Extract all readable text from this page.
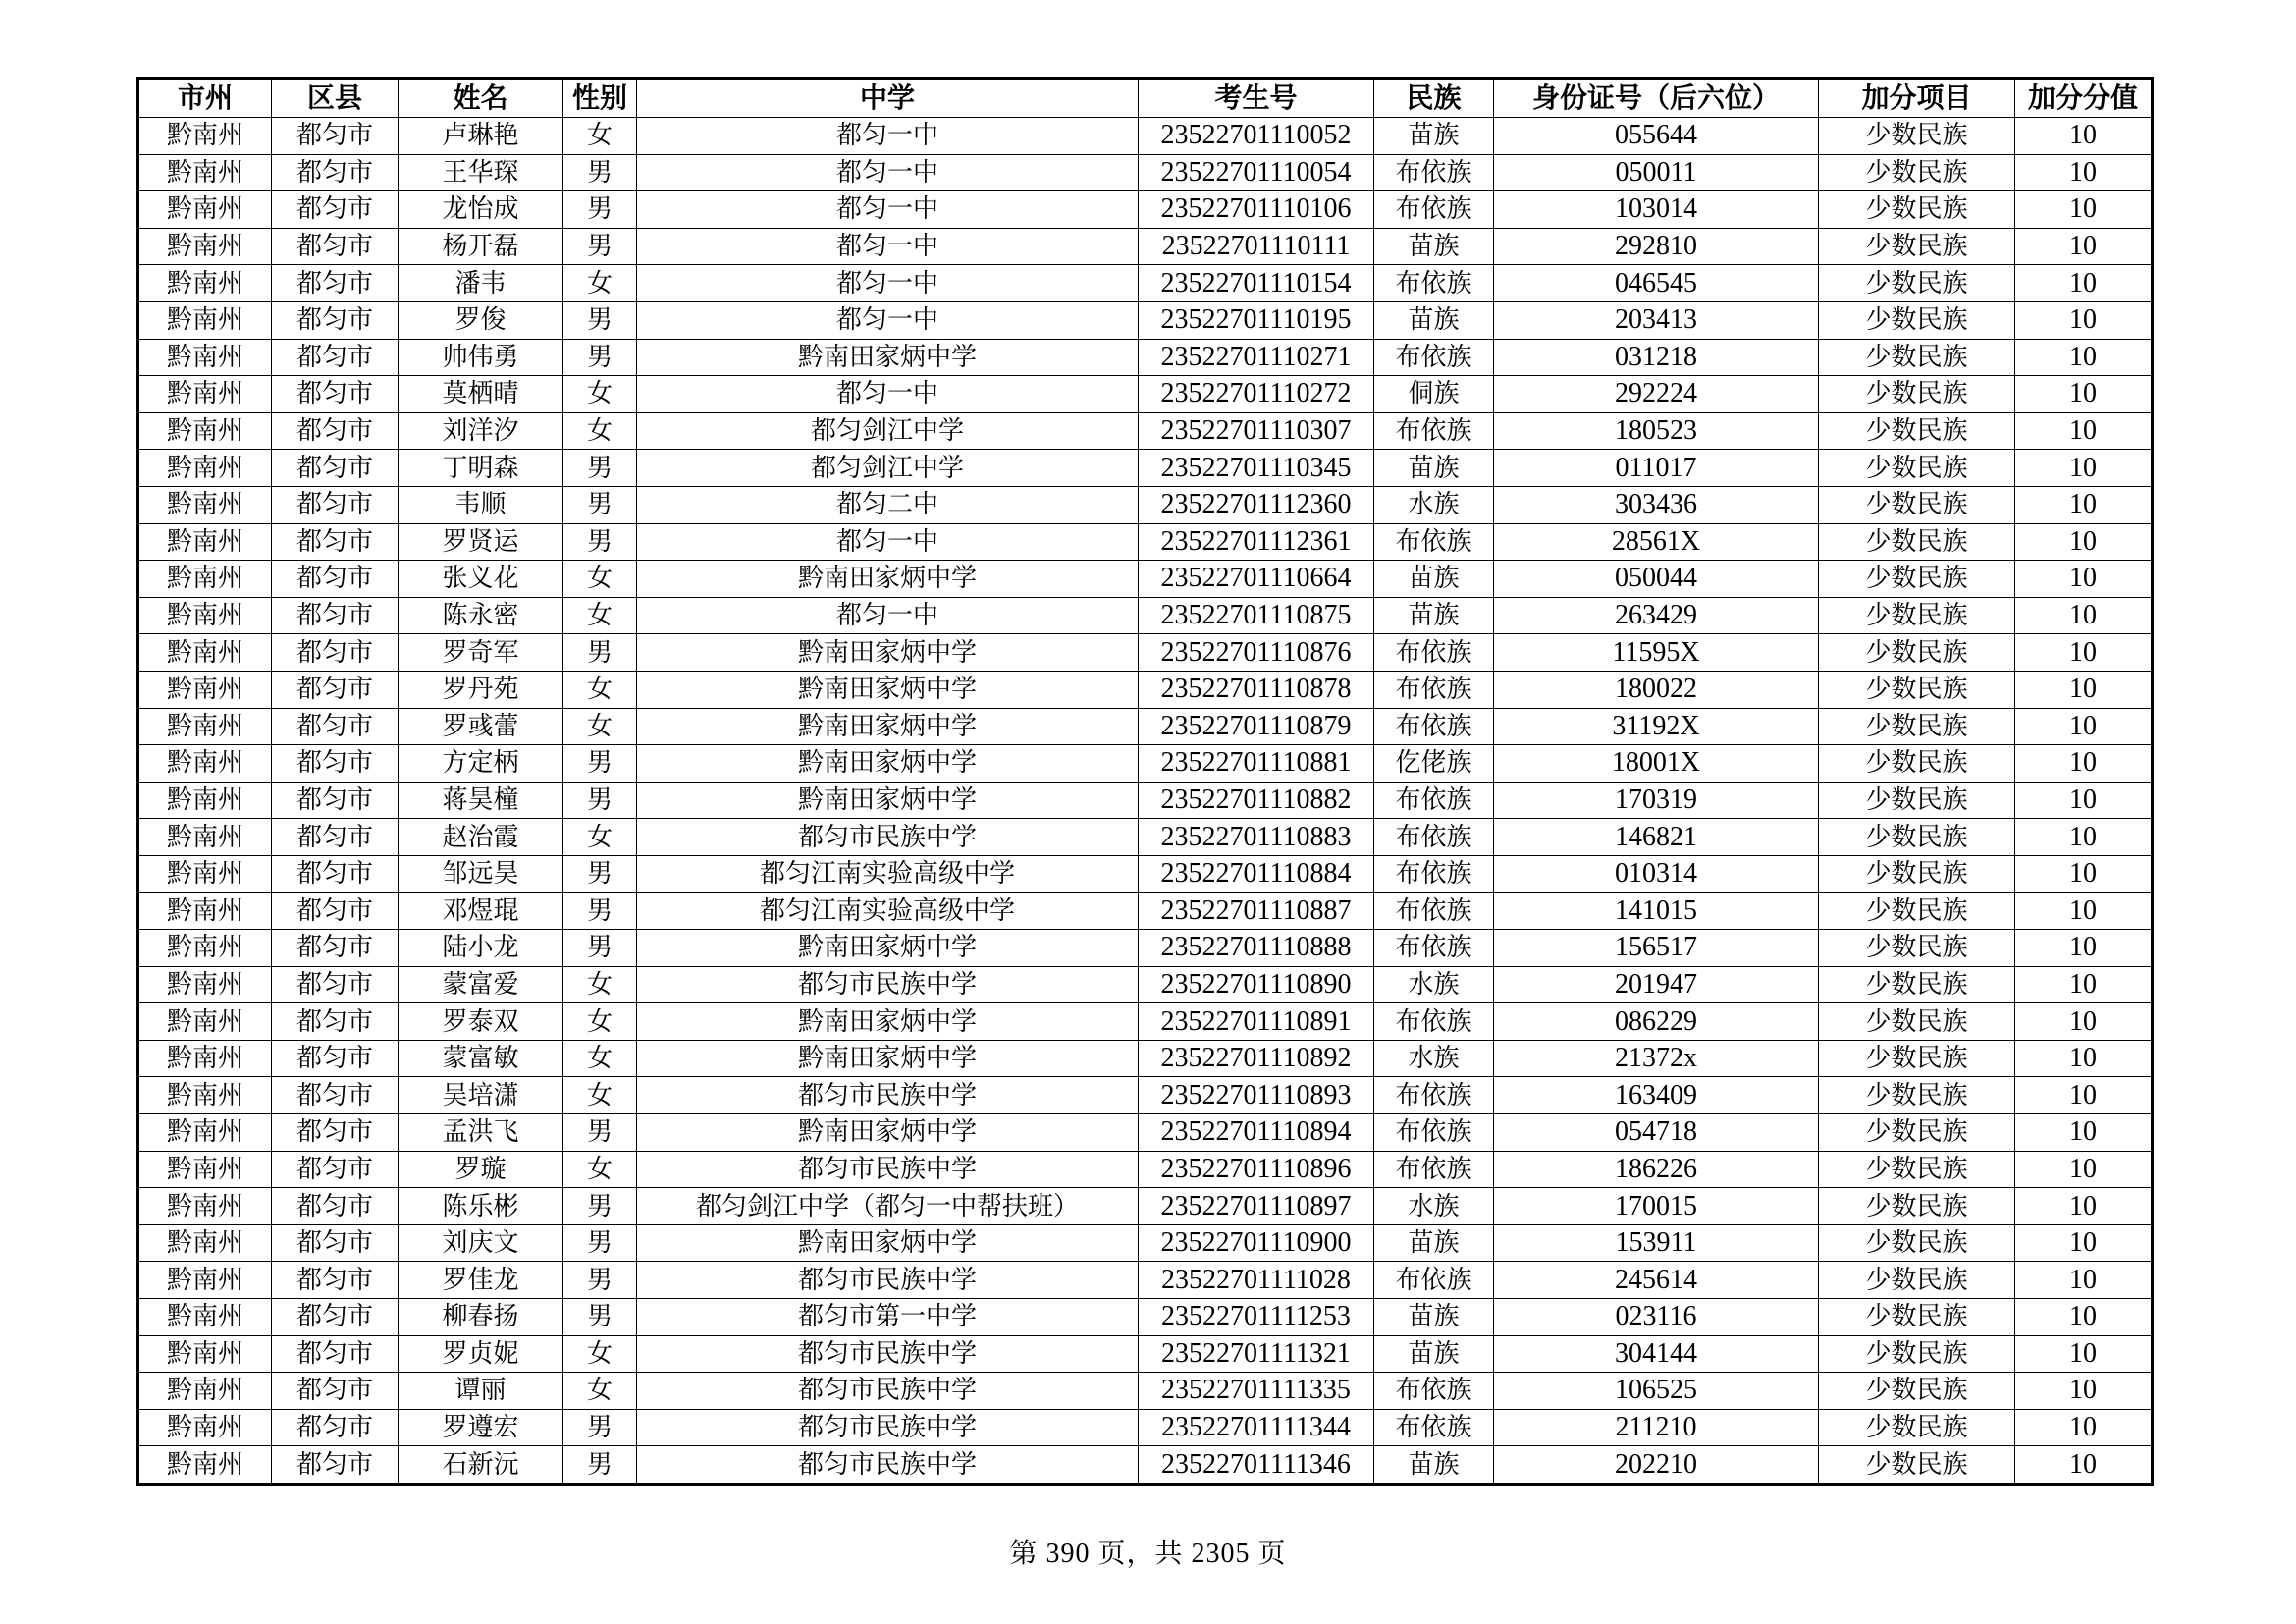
市州	区县	姓名	性别	中学	考生号	民族	身份证号（后六位）	加分项目	加分分值
黔南州	都匀市	卢琳艳	女	都匀一中	23522701110052	苗族	055644	少数民族	10
黔南州	都匀市	王华琛	男	都匀一中	23522701110054	布依族	050011	少数民族	10
黔南州	都匀市	龙怡成	男	都匀一中	23522701110106	布依族	103014	少数民族	10
黔南州	都匀市	杨开磊	男	都匀一中	23522701110111	苗族	292810	少数民族	10
黔南州	都匀市	潘韦	女	都匀一中	23522701110154	布依族	046545	少数民族	10
黔南州	都匀市	罗俊	男	都匀一中	23522701110195	苗族	203413	少数民族	10
黔南州	都匀市	帅伟勇	男	黔南田家炳中学	23522701110271	布依族	031218	少数民族	10
黔南州	都匀市	莫栖晴	女	都匀一中	23522701110272	侗族	292224	少数民族	10
黔南州	都匀市	刘洋汐	女	都匀剑江中学	23522701110307	布依族	180523	少数民族	10
黔南州	都匀市	丁明森	男	都匀剑江中学	23522701110345	苗族	011017	少数民族	10
黔南州	都匀市	韦顺	男	都匀二中	23522701112360	水族	303436	少数民族	10
黔南州	都匀市	罗贤运	男	都匀一中	23522701112361	布依族	28561X	少数民族	10
黔南州	都匀市	张义花	女	黔南田家炳中学	23522701110664	苗族	050044	少数民族	10
黔南州	都匀市	陈永密	女	都匀一中	23522701110875	苗族	263429	少数民族	10
黔南州	都匀市	罗奇军	男	黔南田家炳中学	23522701110876	布依族	11595X	少数民族	10
黔南州	都匀市	罗丹苑	女	黔南田家炳中学	23522701110878	布依族	180022	少数民族	10
黔南州	都匀市	罗彧蕾	女	黔南田家炳中学	23522701110879	布依族	31192X	少数民族	10
黔南州	都匀市	方定柄	男	黔南田家炳中学	23522701110881	仡佬族	18001X	少数民族	10
黔南州	都匀市	蒋昊橦	男	黔南田家炳中学	23522701110882	布依族	170319	少数民族	10
黔南州	都匀市	赵治霞	女	都匀市民族中学	23522701110883	布依族	146821	少数民族	10
黔南州	都匀市	邹远昊	男	都匀江南实验高级中学	23522701110884	布依族	010314	少数民族	10
黔南州	都匀市	邓煜琨	男	都匀江南实验高级中学	23522701110887	布依族	141015	少数民族	10
黔南州	都匀市	陆小龙	男	黔南田家炳中学	23522701110888	布依族	156517	少数民族	10
黔南州	都匀市	蒙富爱	女	都匀市民族中学	23522701110890	水族	201947	少数民族	10
黔南州	都匀市	罗泰双	女	黔南田家炳中学	23522701110891	布依族	086229	少数民族	10
黔南州	都匀市	蒙富敏	女	黔南田家炳中学	23522701110892	水族	21372x	少数民族	10
黔南州	都匀市	吴培潇	女	都匀市民族中学	23522701110893	布依族	163409	少数民族	10
黔南州	都匀市	孟洪飞	男	黔南田家炳中学	23522701110894	布依族	054718	少数民族	10
黔南州	都匀市	罗璇	女	都匀市民族中学	23522701110896	布依族	186226	少数民族	10
黔南州	都匀市	陈乐彬	男	都匀剑江中学（都匀一中帮扶班）	23522701110897	水族	170015	少数民族	10
黔南州	都匀市	刘庆文	男	黔南田家炳中学	23522701110900	苗族	153911	少数民族	10
黔南州	都匀市	罗佳龙	男	都匀市民族中学	23522701111028	布依族	245614	少数民族	10
黔南州	都匀市	柳春扬	男	都匀市第一中学	23522701111253	苗族	023116	少数民族	10
黔南州	都匀市	罗贞妮	女	都匀市民族中学	23522701111321	苗族	304144	少数民族	10
黔南州	都匀市	谭丽	女	都匀市民族中学	23522701111335	布依族	106525	少数民族	10
黔南州	都匀市	罗遵宏	男	都匀市民族中学	23522701111344	布依族	211210	少数民族	10
黔南州	都匀市	石新沅	男	都匀市民族中学	23522701111346	苗族	202210	少数民族	10
第 390 页，共 2305 页
